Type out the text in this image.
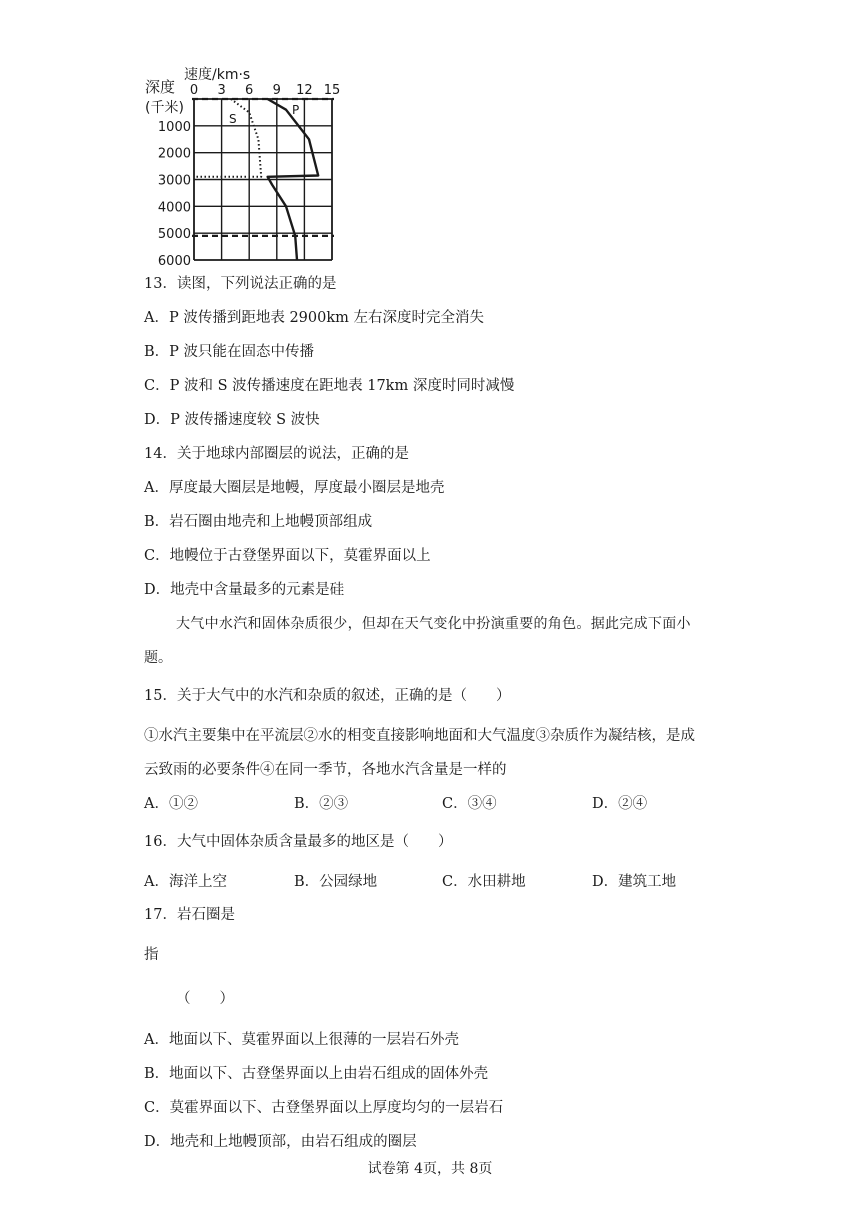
0 3 6 9 12 15
1000
2000
3000
4000
5000
6000
深度
(千米)
速度/km·s
S
P
13．读图，下列说法正确的是
A．P 波传播到距地表 2900km 左右深度时完全消失
B．P 波只能在固态中传播
C．P 波和 S 波传播速度在距地表 17km 深度时同时减慢
D．P 波传播速度较 S 波快
14．关于地球内部圈层的说法，正确的是
A．厚度最大圈层是地幔，厚度最小圈层是地壳
B．岩石圈由地壳和上地幔顶部组成
C．地幔位于古登堡界面以下，莫霍界面以上
D．地壳中含量最多的元素是硅
大气中水汽和固体杂质很少，但却在天气变化中扮演重要的角色。据此完成下面小
题。
15．关于大气中的水汽和杂质的叙述，正确的是（　　）
①水汽主要集中在平流层②水的相变直接影响地面和大气温度③杂质作为凝结核，是成
云致雨的必要条件④在同一季节，各地水汽含量是一样的
A．①②	B．②③	C．③④	D．②④
16．大气中固体杂质含量最多的地区是（　　）
A．海洋上空	B．公园绿地	C．水田耕地	D．建筑工地
17．岩石圈是
指
（　　）
A．地面以下、莫霍界面以上很薄的一层岩石外壳
B．地面以下、古登堡界面以上由岩石组成的固体外壳
C．莫霍界面以下、古登堡界面以上厚度均匀的一层岩石
D．地壳和上地幔顶部，由岩石组成的圈层
试卷第 4页，共 8页
